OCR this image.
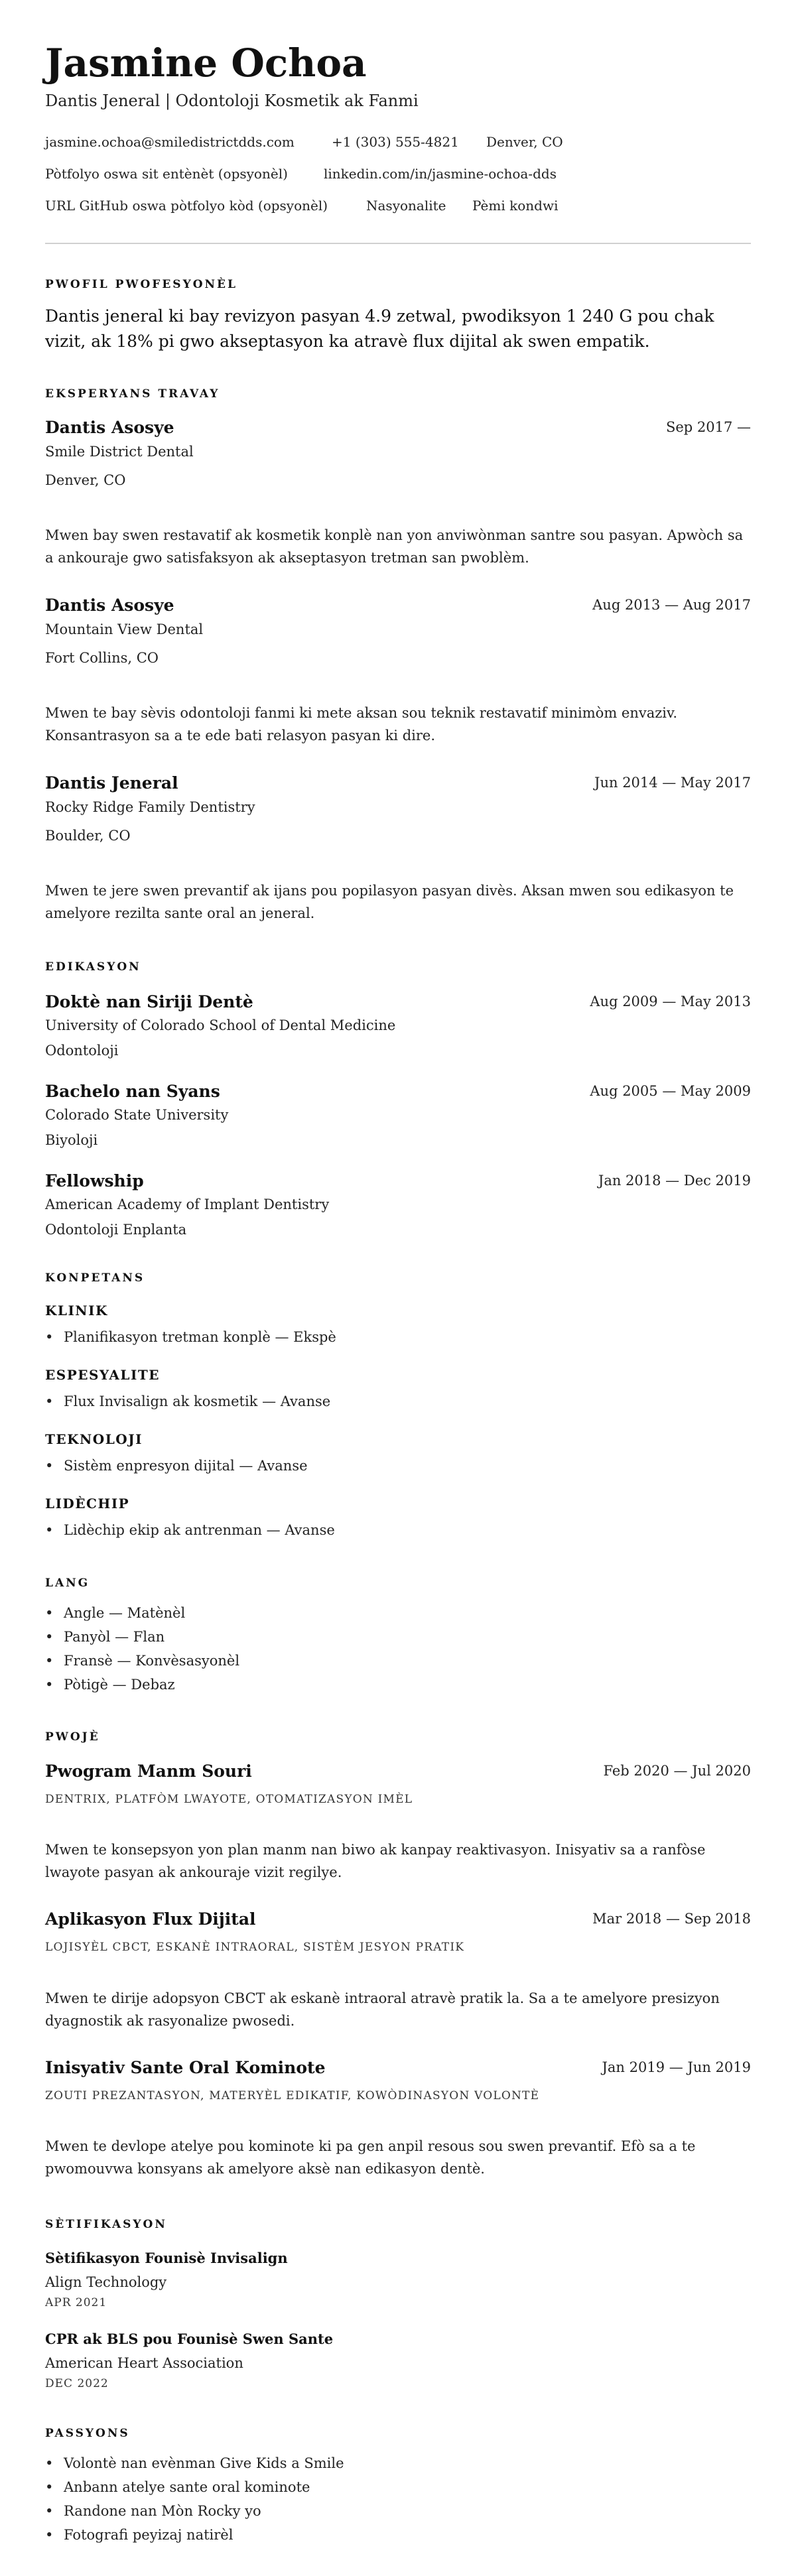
Jasmine Ochoa
Dantis Jeneral | Odontoloji Kosmetik ak Fanmi
jasmine.ochoa@smiledistrictdds.com	+1 (303) 555-4821 Denver, CO
Pòtfolyo oswa sit entènèt (opsyonèl)	linkedin.com/in/jasmine-ochoa-dds
URL GitHub oswa pòtfolyo kòd (opsyonèl)	Nasyonalite Pèmi kondwi
PWOFIL PWOFESYONÈL

Dantis jeneral ki bay revizyon pasyan 4.9 zetwal, pwodiksyon 1 240 G pou chak vizit, ak 18% pi gwo akseptasyon ka atravè flux dijital ak swen empatik.

EKSPERYANS TRAVAY
Dantis Asosye	Sep 2017 —
Smile District Dental
Denver, CO

Mwen bay swen restavatif ak kosmetik konplè nan yon anviwònman santre sou pasyan. Apwòch sa a ankouraje gwo satisfaksyon ak akseptasyon tretman san pwoblèm.

Dantis Asosye	Aug 2013 — Aug 2017
Mountain View Dental
Fort Collins, CO

Mwen te bay sèvis odontoloji fanmi ki mete aksan sou teknik restavatif minimòm envaziv. Konsantrasyon sa a te ede bati relasyon pasyan ki dire.

Dantis Jeneral	Jun 2014 — May 2017
Rocky Ridge Family Dentistry
Boulder, CO

Mwen te jere swen prevantif ak ijans pou popilasyon pasyan divès. Aksan mwen sou edikasyon te amelyore rezilta sante oral an jeneral.

EDIKASYON
Doktè nan Siriji Dentè	Aug 2009 — May 2013
University of Colorado School of Dental Medicine
Odontoloji
Bachelo nan Syans	Aug 2005 — May 2009
Colorado State University
Biyoloji
Fellowship	Jan 2018 — Dec 2019
American Academy of Implant Dentistry
Odontoloji Enplanta
KONPETANS
KLINIK
• Planifikasyon tretman konplè — Ekspè
ESPESYALITE
• Flux Invisalign ak kosmetik — Avanse
TEKNOLOJI
• Sistèm enpresyon dijital — Avanse
LIDÈCHIP
• Lidèchip ekip ak antrenman — Avanse
LANG
• Angle — Matènèl
• Panyòl — Flan
• Fransè — Konvèsasyonèl
• Pòtigè — Debaz
PWOJÈ
Pwogram Manm Souri	Feb 2020 — Jul 2020
DENTRIX, PLATFÒM LWAYOTE, OTOMATIZASYON IMÈL

Mwen te konsepsyon yon plan manm nan biwo ak kanpay reaktivasyon. Inisyativ sa a ranfòse lwayote pasyan ak ankouraje vizit regilye.

Aplikasyon Flux Dijital	Mar 2018 — Sep 2018
LOJISYÈL CBCT, ESKANÈ INTRAORAL, SISTÈM JESYON PRATIK

Mwen te dirije adopsyon CBCT ak eskanè intraoral atravè pratik la. Sa a te amelyore presizyon dyagnostik ak rasyonalize pwosedi.

Inisyativ Sante Oral Kominote	Jan 2019 — Jun 2019
ZOUTI PREZANTASYON, MATERYÈL EDIKATIF, KOWÒDINASYON VOLONTÈ

Mwen te devlope atelye pou kominote ki pa gen anpil resous sou swen prevantif. Efò sa a te pwomouvwa konsyans ak amelyore aksè nan edikasyon dentè.

SÈTIFIKASYON
Sètifikasyon Founisè Invisalign
Align Technology
APR 2021
CPR ak BLS pou Founisè Swen Sante
American Heart Association
DEC 2022
PASSYONS
• Volontè nan evènman Give Kids a Smile
• Anbann atelye sante oral kominote
• Randone nan Mòn Rocky yo
• Fotografi peyizaj natirèl
